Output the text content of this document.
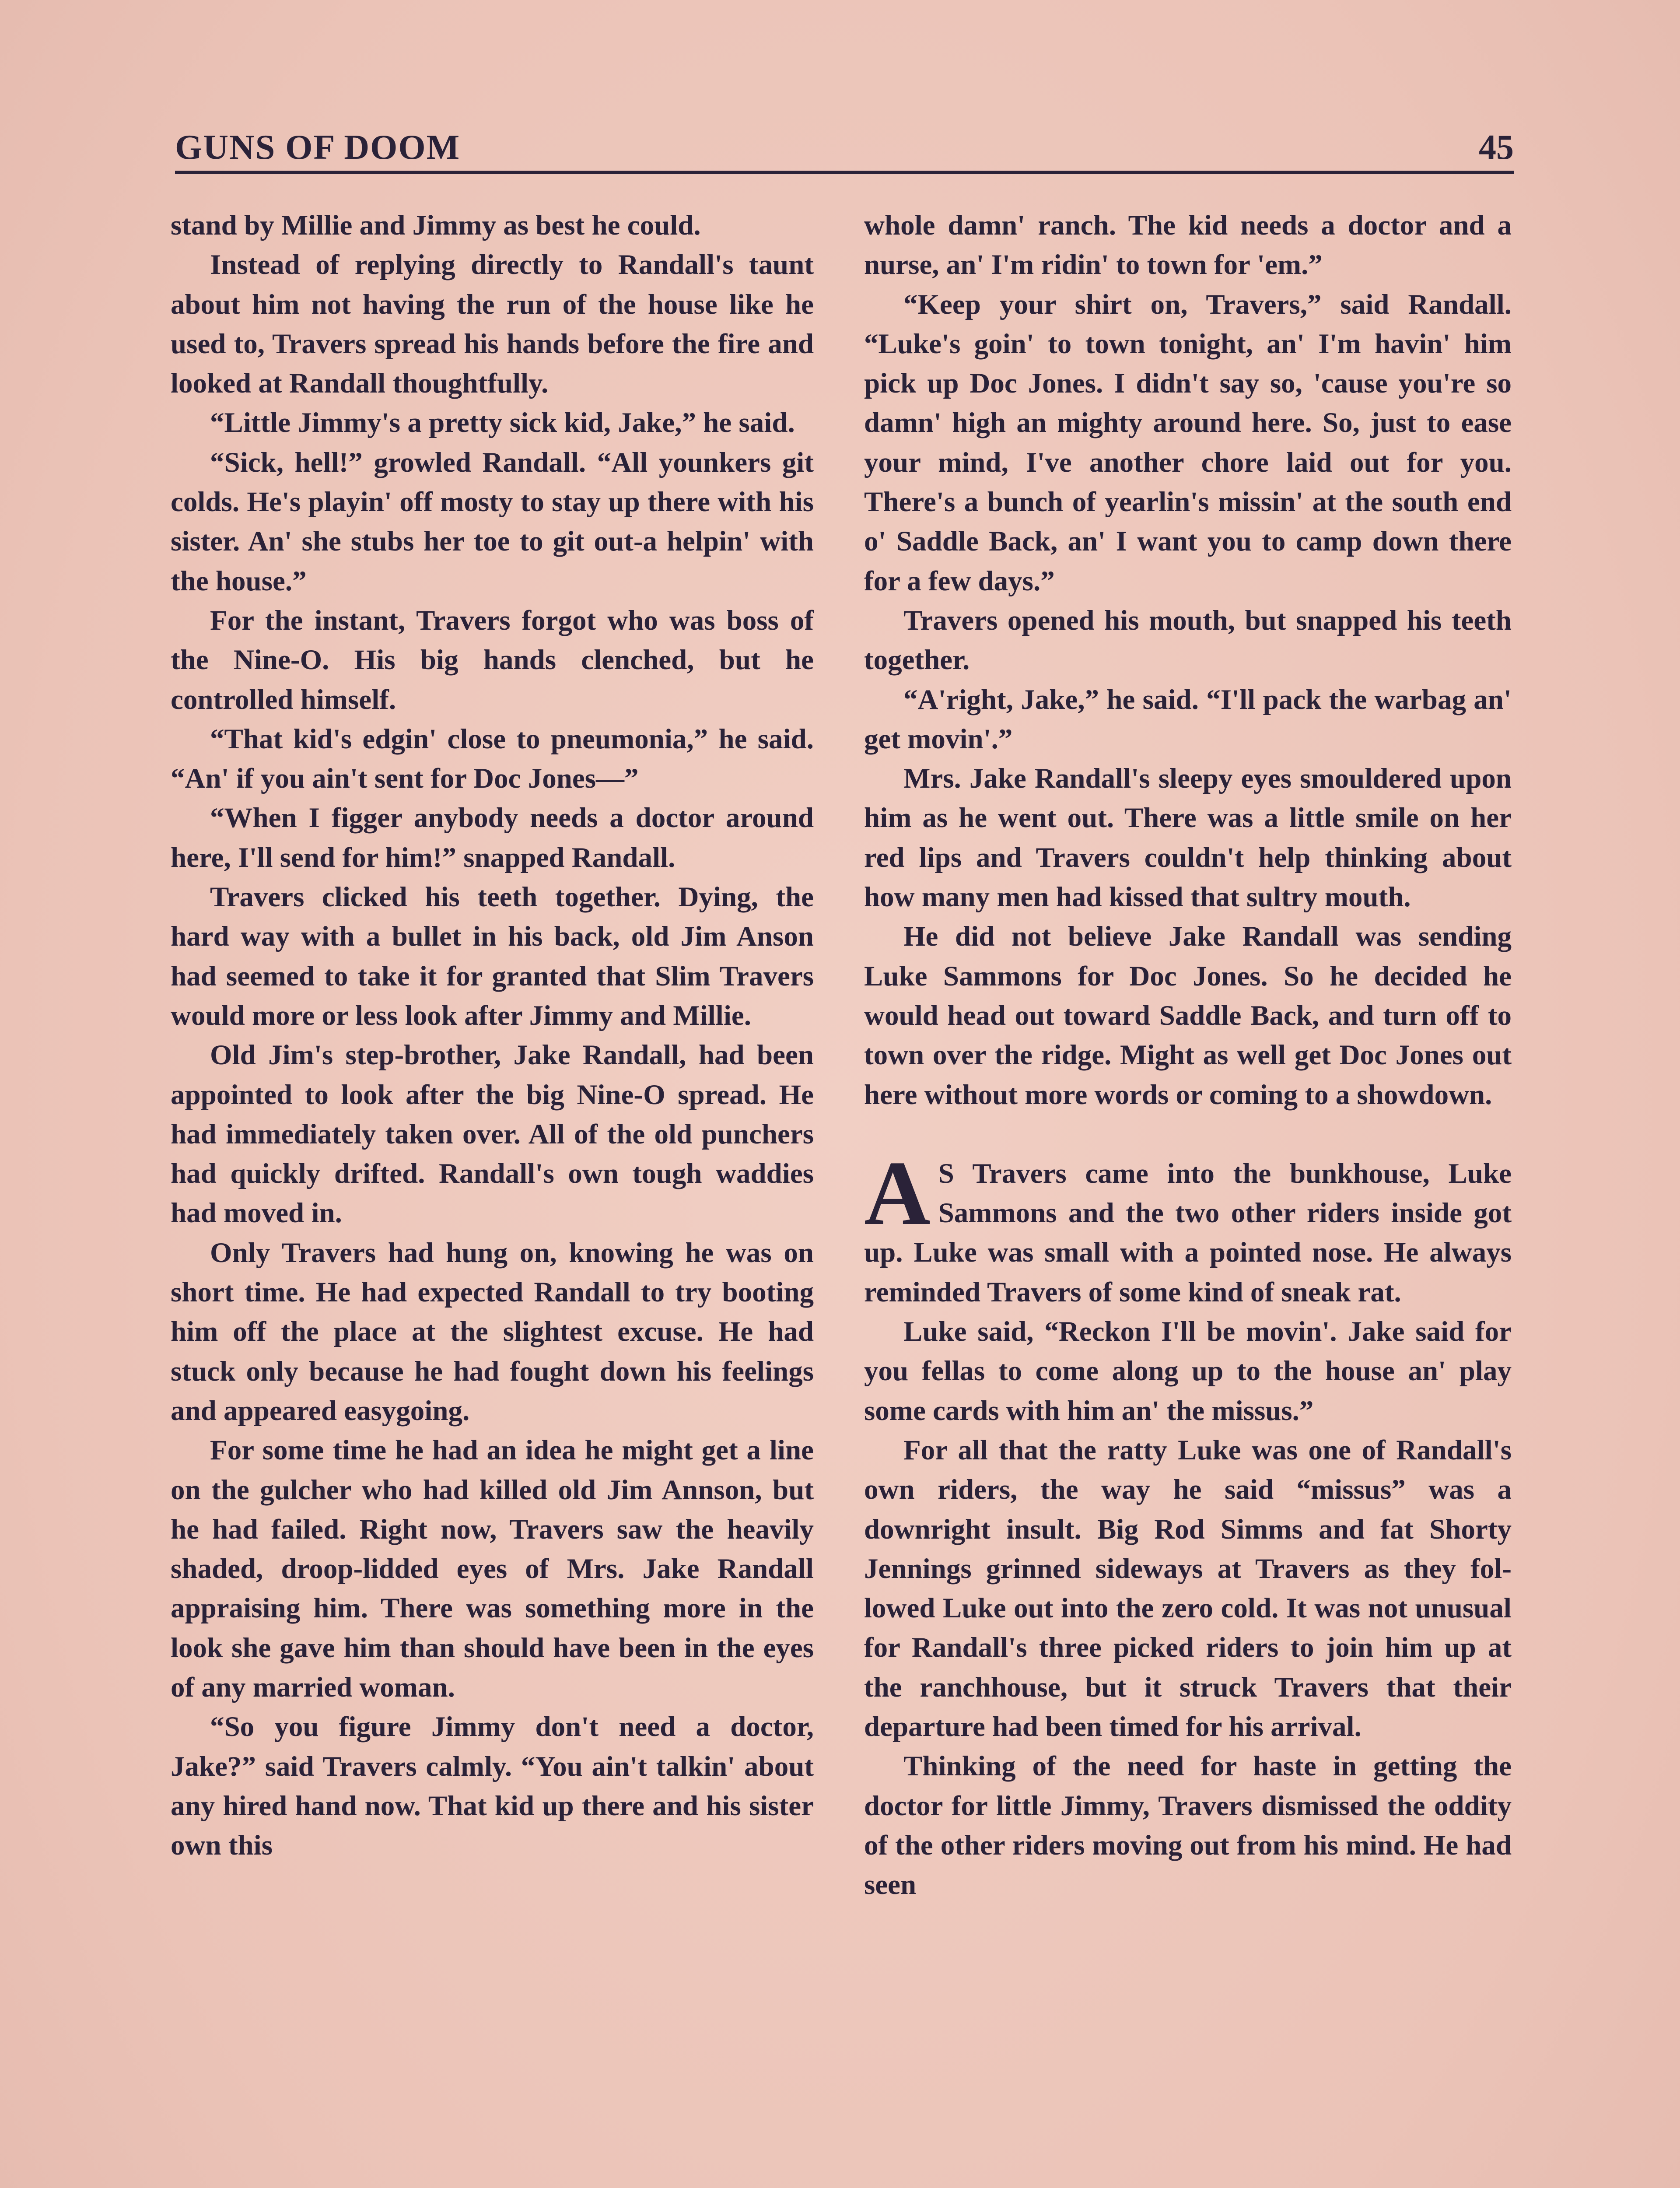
GUNS OF DOOM	45

stand by Millie and Jimmy as best he could.

Instead of replying directly to Randall's taunt about him not having the run of the house like he used to, Travers spread his hands before the fire and looked at Randall thoughtfully.

“Little Jimmy's a pretty sick kid, Jake,” he said.

“Sick, hell!” growled Randall. “All younkers git colds. He's playin' off mosty to stay up there with his sister. An' she stubs her toe to git out-a helpin' with the house.”

For the instant, Travers forgot who was boss of the Nine-O. His big hands clenched, but he controlled himself.

“That kid's edgin' close to pneumonia,” he said. “An' if you ain't sent for Doc Jones—”

“When I figger anybody needs a doctor around here, I'll send for him!” snapped Randall.

Travers clicked his teeth together. Dying, the hard way with a bullet in his back, old Jim Anson had seemed to take it for granted that Slim Travers would more or less look after Jimmy and Millie.

Old Jim's step-brother, Jake Randall, had been appointed to look after the big Nine-O spread. He had immediately taken over. All of the old punchers had quickly drifted. Randall's own tough waddies had moved in.

Only Travers had hung on, knowing he was on short time. He had expected Randall to try booting him off the place at the slightest excuse. He had stuck only because he had fought down his feelings and appeared easygoing.

For some time he had an idea he might get a line on the gulcher who had killed old Jim Annson, but he had failed. Right now, Travers saw the heavily shaded, droop-lidded eyes of Mrs. Jake Randall appraising him. There was something more in the look she gave him than should have been in the eyes of any married woman.

“So you figure Jimmy don't need a doctor, Jake?” said Travers calmly. “You ain't talkin' about any hired hand now. That kid up there and his sister own this

whole damn' ranch. The kid needs a doctor and a nurse, an' I'm ridin' to town for 'em.”

“Keep your shirt on, Travers,” said Randall. “Luke's goin' to town tonight, an' I'm havin' him pick up Doc Jones. I didn't say so, 'cause you're so damn' high an mighty around here. So, just to ease your mind, I've another chore laid out for you. There's a bunch of yearlin's missin' at the south end o' Saddle Back, an' I want you to camp down there for a few days.”

Travers opened his mouth, but snapped his teeth together.

“A'right, Jake,” he said. “I'll pack the warbag an' get movin'.”

Mrs. Jake Randall's sleepy eyes smouldered upon him as he went out. There was a little smile on her red lips and Travers couldn't help thinking about how many men had kissed that sultry mouth.

He did not believe Jake Randall was sending Luke Sammons for Doc Jones. So he decided he would head out toward Saddle Back, and turn off to town over the ridge. Might as well get Doc Jones out here without more words or coming to a showdown.

A S Travers came into the bunkhouse, Luke Sammons and the two other riders inside got up. Luke was small with a pointed nose. He always reminded Travers of some kind of sneak rat.

Luke said, “Reckon I'll be movin'. Jake said for you fellas to come along up to the house an' play some cards with him an' the missus.”

For all that the ratty Luke was one of Randall's own riders, the way he said “missus” was a downright insult. Big Rod Simms and fat Shorty Jennings grinned sideways at Travers as they followed Luke out into the zero cold. It was not unusual for Randall's three picked riders to join him up at the ranchhouse, but it struck Travers that their departure had been timed for his arrival.

Thinking of the need for haste in getting the doctor for little Jimmy, Travers dismissed the oddity of the other riders moving out from his mind. He had seen
